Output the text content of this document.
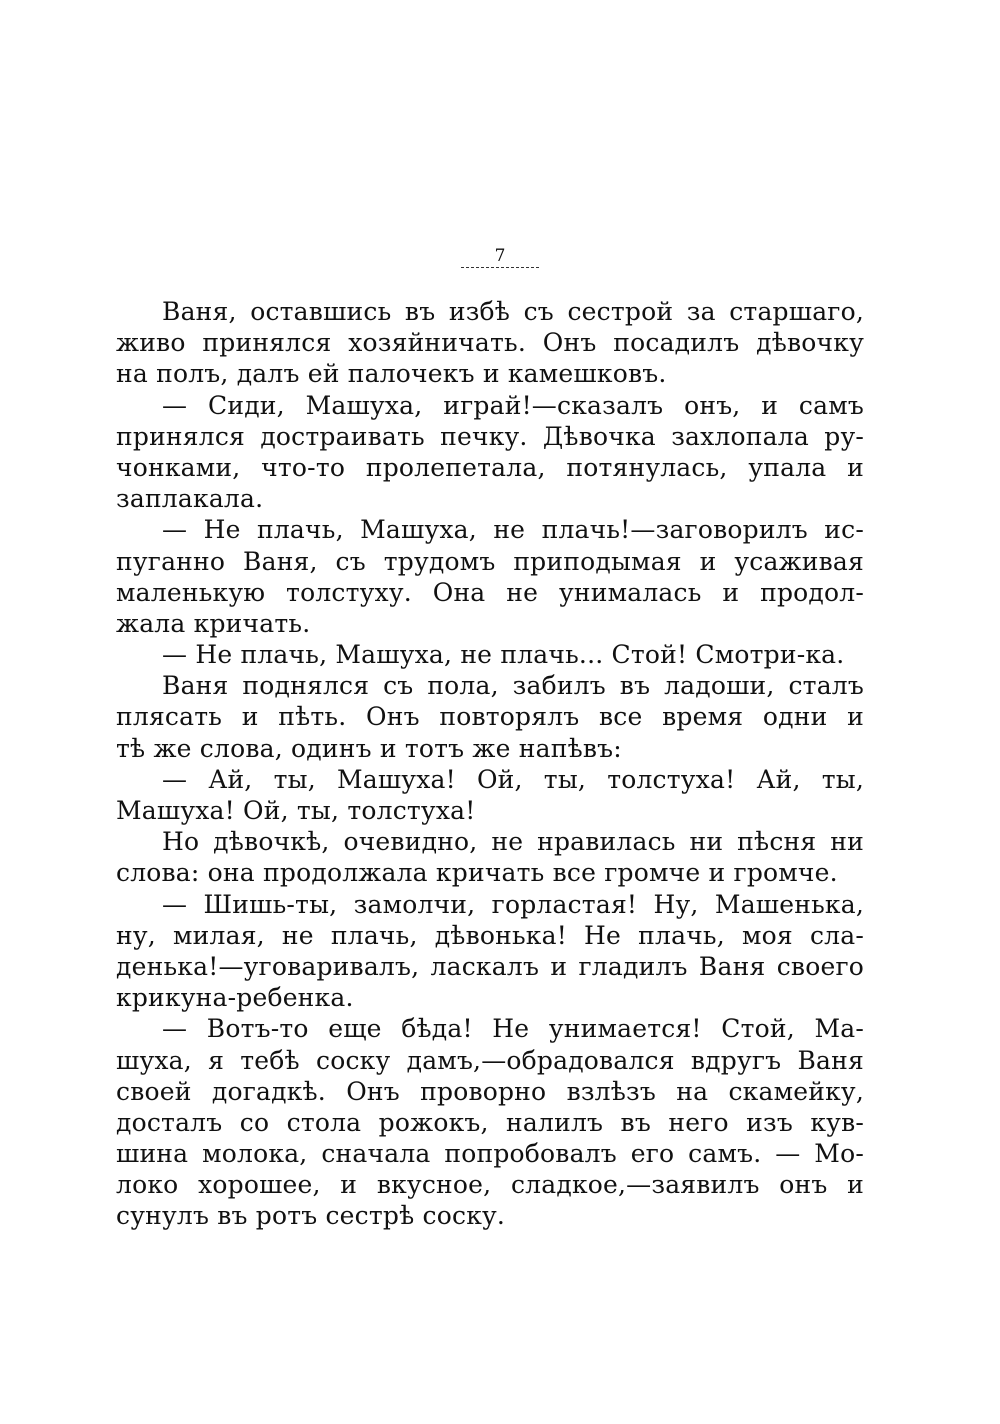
7
Ваня, оставшись въ избѣ съ сестрой за старшаго,
живо принялся хозяйничать. Онъ посадилъ дѣвочку
на полъ, далъ ей палочекъ и камешковъ.
— Сиди, Машуха, играй!—сказалъ онъ, и самъ
принялся достраивать печку. Дѣвочка захлопала ру-
чонками, что-то пролепетала, потянулась, упала и
заплакала.
— Не плачь, Машуха, не плачь!—заговорилъ ис-
пуганно Ваня, съ трудомъ приподымая и усаживая
маленькую толстуху. Она не унималась и продол-
жала кричать.
— Не плачь, Машуха, не плачь... Стой! Смотри-ка.
Ваня поднялся съ пола, забилъ въ ладоши, сталъ
плясать и пѣть. Онъ повторялъ все время одни и
тѣ же слова, одинъ и тотъ же напѣвъ:
— Ай, ты, Машуха! Ой, ты, толстуха! Ай, ты,
Машуха! Ой, ты, толстуха!
Но дѣвочкѣ, очевидно, не нравилась ни пѣсня ни
слова: она продолжала кричать все громче и громче.
— Шишь-ты, замолчи, горластая! Ну, Машенька,
ну, милая, не плачь, дѣвонька! Не плачь, моя сла-
денька!—уговаривалъ, ласкалъ и гладилъ Ваня своего
крикуна-ребенка.
— Вотъ-то еще бѣда! Не унимается! Стой, Ма-
шуха, я тебѣ соску дамъ,—обрадовался вдругъ Ваня
своей догадкѣ. Онъ проворно взлѣзъ на скамейку,
досталъ со стола рожокъ, налилъ въ него изъ кув-
шина молока, сначала попробовалъ его самъ. — Мо-
локо хорошее, и вкусное, сладкое,—заявилъ онъ и
сунулъ въ ротъ сестрѣ соску.
